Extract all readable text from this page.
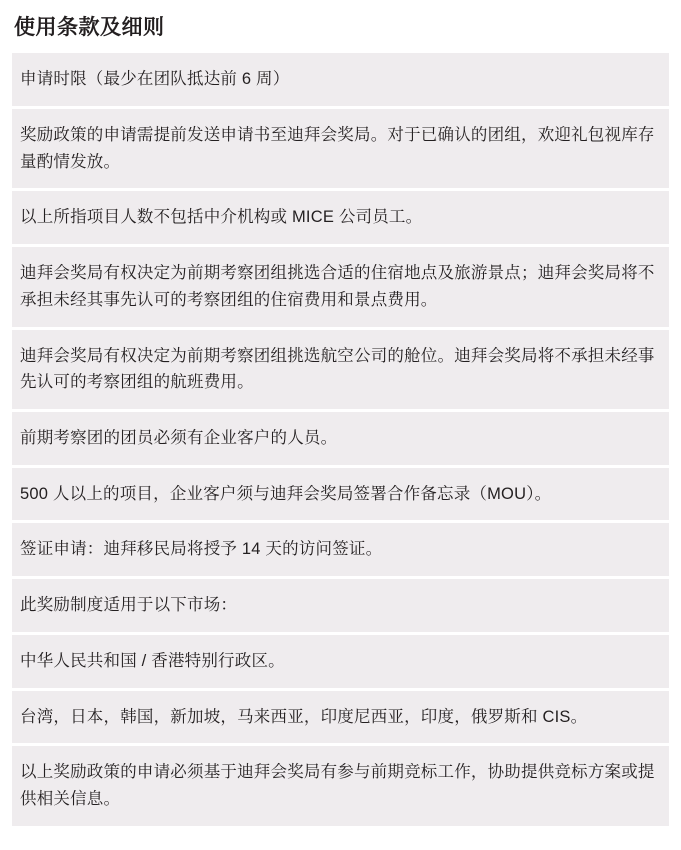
使用条款及细则
申请时限（最少在团队抵达前 6 周）
奖励政策的申请需提前发送申请书至迪拜会奖局。对于已确认的团组，欢迎礼包视库存量酌情发放。
以上所指项目人数不包括中介机构或 MICE 公司员工。
迪拜会奖局有权决定为前期考察团组挑选合适的住宿地点及旅游景点；迪拜会奖局将不承担未经其事先认可的考察团组的住宿费用和景点费用。
迪拜会奖局有权决定为前期考察团组挑选航空公司的舱位。迪拜会奖局将不承担未经事先认可的考察团组的航班费用。
前期考察团的团员必须有企业客户的人员。
500 人以上的项目，企业客户须与迪拜会奖局签署合作备忘录（MOU）。
签证申请：迪拜移民局将授予 14 天的访问签证。
此奖励制度适用于以下市场：
中华人民共和国 / 香港特别行政区。
台湾，日本，韩国，新加坡，马来西亚，印度尼西亚，印度，俄罗斯和 CIS。
以上奖励政策的申请必须基于迪拜会奖局有参与前期竞标工作，协助提供竞标方案或提供相关信息。
